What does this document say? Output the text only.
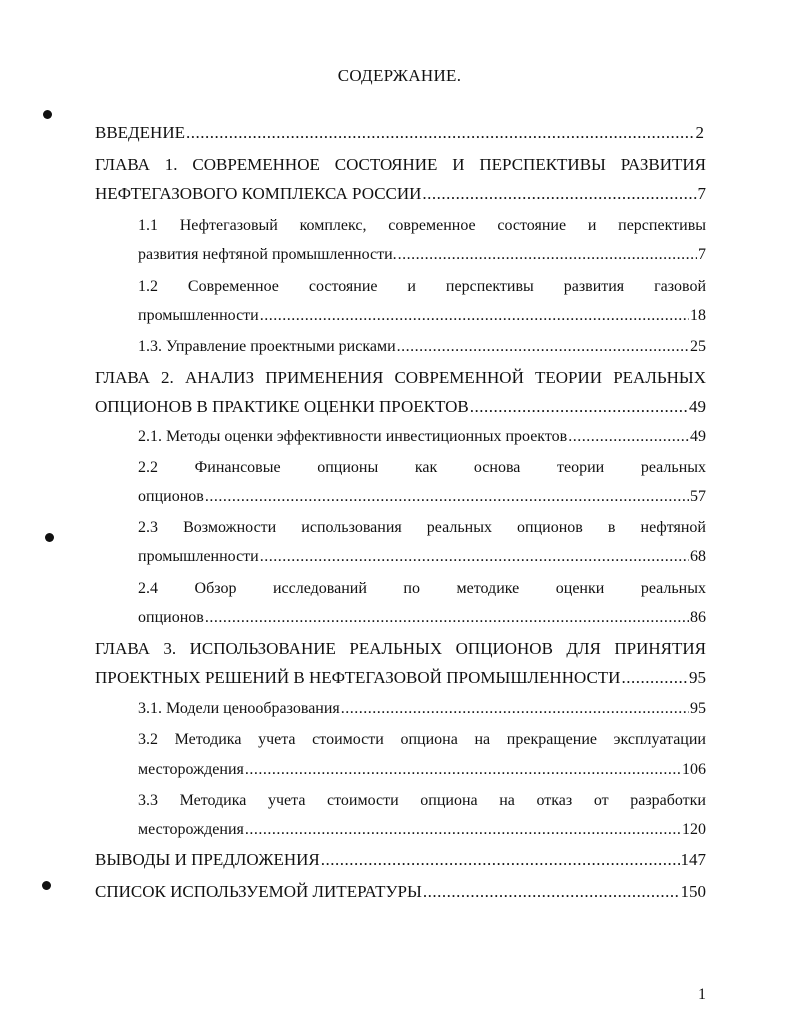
СОДЕРЖАНИЕ.
ВВЕДЕНИЕ .....	2
ГЛАВА 1. СОВРЕМЕННОЕ СОСТОЯНИЕ И ПЕРСПЕКТИВЫ РАЗВИТИЯ
НЕФТЕГАЗОВОГО КОМПЛЕКСА РОССИИ .....	7
1.1 Нефтегазовый комплекс, современное состояние и перспективы
развития нефтяной промышленности. .....	7
1.2 Современное состояние и перспективы развития газовой
промышленности .....	18
1.3. Управление проектными рисками .....	25
ГЛАВА 2. АНАЛИЗ ПРИМЕНЕНИЯ СОВРЕМЕННОЙ ТЕОРИИ РЕАЛЬНЫХ
ОПЦИОНОВ В ПРАКТИКЕ ОЦЕНКИ ПРОЕКТОВ .....	49
2.1. Методы оценки эффективности инвестиционных проектов .....	49
2.2 Финансовые опционы как основа теории реальных
опционов .....	57
2.3 Возможности использования реальных опционов в нефтяной
промышленности .....	68
2.4 Обзор исследований по методике оценки реальных
опционов .....	86
ГЛАВА 3. ИСПОЛЬЗОВАНИЕ РЕАЛЬНЫХ ОПЦИОНОВ ДЛЯ ПРИНЯТИЯ
ПРОЕКТНЫХ РЕШЕНИЙ В НЕФТЕГАЗОВОЙ ПРОМЫШЛЕННОСТИ .....	95
3.1. Модели ценообразования .....	95
3.2 Методика учета стоимости опциона на прекращение эксплуатации
месторождения .....	106
3.3 Методика учета стоимости опциона на отказ от разработки
месторождения .....	120
ВЫВОДЫ И ПРЕДЛОЖЕНИЯ .....	147
СПИСОК ИСПОЛЬЗУЕМОЙ ЛИТЕРАТУРЫ .....	150
1
